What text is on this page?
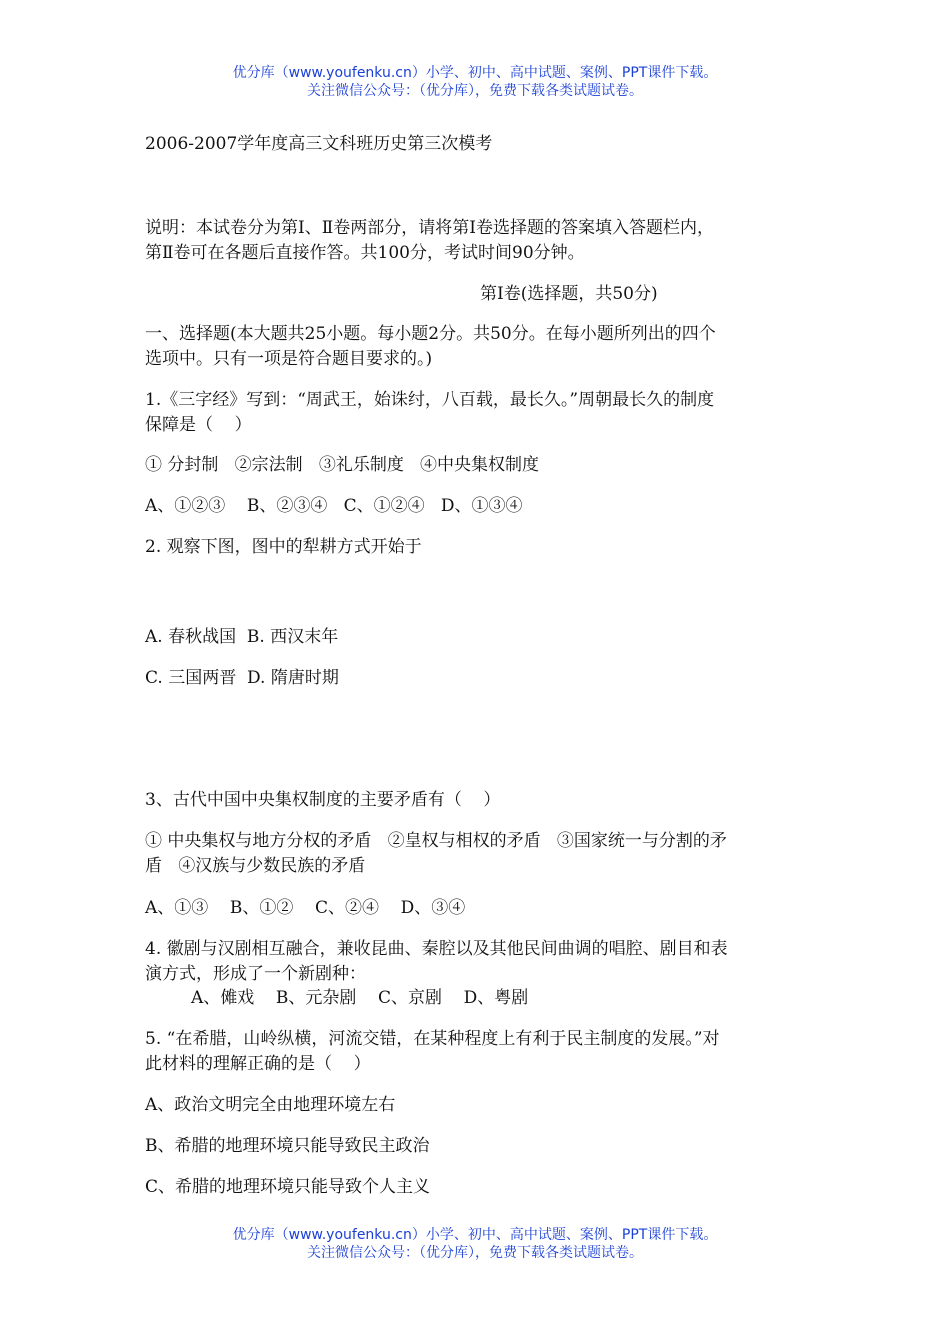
优分库（www.youfenku.cn）小学、初中、高中试题、案例、PPT课件下载。
关注微信公众号：（优分库），免费下载各类试题试卷。
2006-2007学年度高三文科班历史第三次模考
说明：本试卷分为第Ⅰ、Ⅱ卷两部分，请将第Ⅰ卷选择题的答案填入答题栏内，
第Ⅱ卷可在各题后直接作答。共100分，考试时间90分钟。
第Ⅰ卷(选择题，共50分)
一、选择题(本大题共25小题。每小题2分。共50分。在每小题所列出的四个
选项中。只有一项是符合题目要求的。)
1.《三字经》写到：“周武王，始诛纣，八百载，最长久。”周朝最长久的制度
保障是（    ）
① 分封制   ②宗法制   ③礼乐制度   ④中央集权制度
A、①②③    B、②③④   C、①②④   D、①③④
2. 观察下图，图中的犁耕方式开始于
A. 春秋战国  B. 西汉末年
C. 三国两晋  D. 隋唐时期
3、古代中国中央集权制度的主要矛盾有（    ）
① 中央集权与地方分权的矛盾   ②皇权与相权的矛盾   ③国家统一与分割的矛
盾   ④汉族与少数民族的矛盾
A、①③    B、①②    C、②④    D、③④
4. 徽剧与汉剧相互融合，兼收昆曲、秦腔以及其他民间曲调的唱腔、剧目和表
演方式，形成了一个新剧种：
A、傩戏    B、元杂剧    C、京剧    D、粤剧
5. “在希腊，山岭纵横，河流交错，在某种程度上有利于民主制度的发展。”对
此材料的理解正确的是（    ）
A、政治文明完全由地理环境左右
B、希腊的地理环境只能导致民主政治
C、希腊的地理环境只能导致个人主义
优分库（www.youfenku.cn）小学、初中、高中试题、案例、PPT课件下载。
关注微信公众号：（优分库），免费下载各类试题试卷。
